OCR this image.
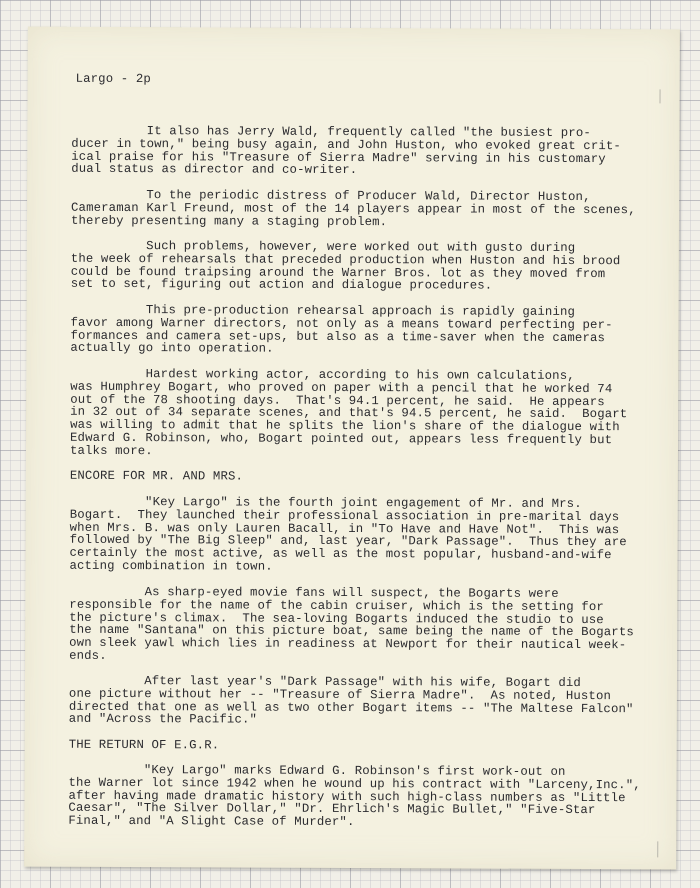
Largo - 2p
It also has Jerry Wald, frequently called "the busiest pro-
ducer in town," being busy again, and John Huston, who evoked great crit-
ical praise for his "Treasure of Sierra Madre" serving in his customary
dual status as director and co-writer.
To the periodic distress of Producer Wald, Director Huston,
Cameraman Karl Freund, most of the 14 players appear in most of the scenes,
thereby presenting many a staging problem.
Such problems, however, were worked out with gusto during
the week of rehearsals that preceded production when Huston and his brood
could be found traipsing around the Warner Bros. lot as they moved from
set to set, figuring out action and dialogue procedures.
This pre-production rehearsal approach is rapidly gaining
favor among Warner directors, not only as a means toward perfecting per-
formances and camera set-ups, but also as a time-saver when the cameras
actually go into operation.
Hardest working actor, according to his own calculations,
was Humphrey Bogart, who proved on paper with a pencil that he worked 74
out of the 78 shooting days.  That's 94.1 percent, he said.  He appears
in 32 out of 34 separate scenes, and that's 94.5 percent, he said.  Bogart
was willing to admit that he splits the lion's share of the dialogue with
Edward G. Robinson, who, Bogart pointed out, appears less frequently but
talks more.
ENCORE FOR MR. AND MRS.
"Key Largo" is the fourth joint engagement of Mr. and Mrs.
Bogart.  They launched their professional association in pre-marital days
when Mrs. B. was only Lauren Bacall, in "To Have and Have Not".  This was
followed by "The Big Sleep" and, last year, "Dark Passage".  Thus they are
certainly the most active, as well as the most popular, husband-and-wife
acting combination in town.
As sharp-eyed movie fans will suspect, the Bogarts were
responsible for the name of the cabin cruiser, which is the setting for
the picture's climax.  The sea-loving Bogarts induced the studio to use
the name "Santana" on this picture boat, same being the name of the Bogarts
own sleek yawl which lies in readiness at Newport for their nautical week-
ends.
After last year's "Dark Passage" with his wife, Bogart did
one picture without her -- "Treasure of Sierra Madre".  As noted, Huston
directed that one as well as two other Bogart items -- "The Maltese Falcon"
and "Across the Pacific."
THE RETURN OF E.G.R.
"Key Largo" marks Edward G. Robinson's first work-out on
the Warner lot since 1942 when he wound up his contract with "Larceny,Inc.",
after having made dramatic history with such high-class numbers as "Little
Caesar", "The Silver Dollar," "Dr. Ehrlich's Magic Bullet," "Five-Star
Final," and "A Slight Case of Murder".
